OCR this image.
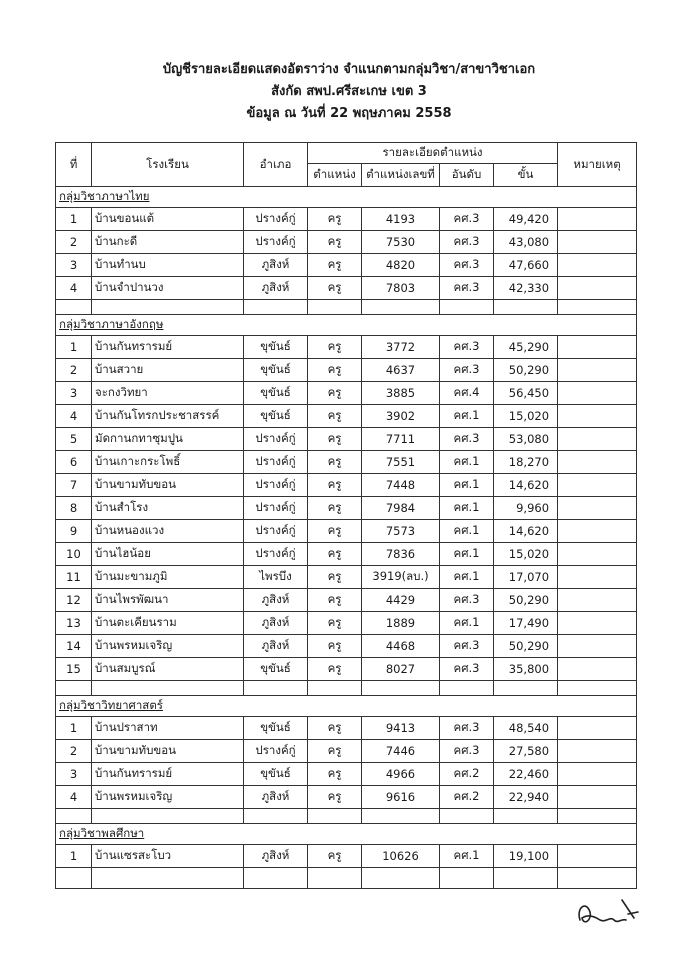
บัญชีรายละเอียดแสดงอัตราว่าง จำแนกตามกลุ่มวิชา/สาขาวิชาเอก
สังกัด สพป.ศรีสะเกษ เขต 3
ข้อมูล ณ วันที่ 22 พฤษภาคม 2558
ที่	โรงเรียน	อำเภอ	รายละเอียดตำแหน่ง				หมายเหตุ
			ตำแหน่ง	ตำแหน่งเลขที่	อันดับ	ขั้น	
กลุ่มวิชาภาษาไทย							
1	บ้านขอนแต้	ปรางค์กู่	ครู	4193	คศ.3	49,420	
2	บ้านกะดี	ปรางค์กู่	ครู	7530	คศ.3	43,080	
3	บ้านทำนบ	ภูสิงห์	ครู	4820	คศ.3	47,660	
4	บ้านจำปานวง	ภูสิงห์	ครู	7803	คศ.3	42,330	

กลุ่มวิชาภาษาอังกฤษ							
1	บ้านกันทรารมย์	ขุขันธ์	ครู	3772	คศ.3	45,290	
2	บ้านสวาย	ขุขันธ์	ครู	4637	คศ.3	50,290	
3	จะกงวิทยา	ขุขันธ์	ครู	3885	คศ.4	56,450	
4	บ้านกันโทรกประชาสรรค์	ขุขันธ์	ครู	3902	คศ.1	15,020	
5	มัดกานกทาซุมปูน	ปรางค์กู่	ครู	7711	คศ.3	53,080	
6	บ้านเกาะกระโพธิ์	ปรางค์กู่	ครู	7551	คศ.1	18,270	
7	บ้านขามทับขอน	ปรางค์กู่	ครู	7448	คศ.1	14,620	
8	บ้านสำโรง	ปรางค์กู่	ครู	7984	คศ.1	9,960	
9	บ้านหนองแวง	ปรางค์กู่	ครู	7573	คศ.1	14,620	
10	บ้านไฮน้อย	ปรางค์กู่	ครู	7836	คศ.1	15,020	
11	บ้านมะขามภูมิ	ไพรบึง	ครู	3919(ลบ.)	คศ.1	17,070	
12	บ้านไพรพัฒนา	ภูสิงห์	ครู	4429	คศ.3	50,290	
13	บ้านตะเคียนราม	ภูสิงห์	ครู	1889	คศ.1	17,490	
14	บ้านพรหมเจริญ	ภูสิงห์	ครู	4468	คศ.3	50,290	
15	บ้านสมบูรณ์	ขุขันธ์	ครู	8027	คศ.3	35,800	

กลุ่มวิชาวิทยาศาสตร์							
1	บ้านปราสาท	ขุขันธ์	ครู	9413	คศ.3	48,540	
2	บ้านขามทับขอน	ปรางค์กู่	ครู	7446	คศ.3	27,580	
3	บ้านกันทรารมย์	ขุขันธ์	ครู	4966	คศ.2	22,460	
4	บ้านพรหมเจริญ	ภูสิงห์	ครู	9616	คศ.2	22,940	

กลุ่มวิชาพลศึกษา							
1	บ้านแซรสะโบว	ภูสิงห์	ครู	10626	คศ.1	19,100	
